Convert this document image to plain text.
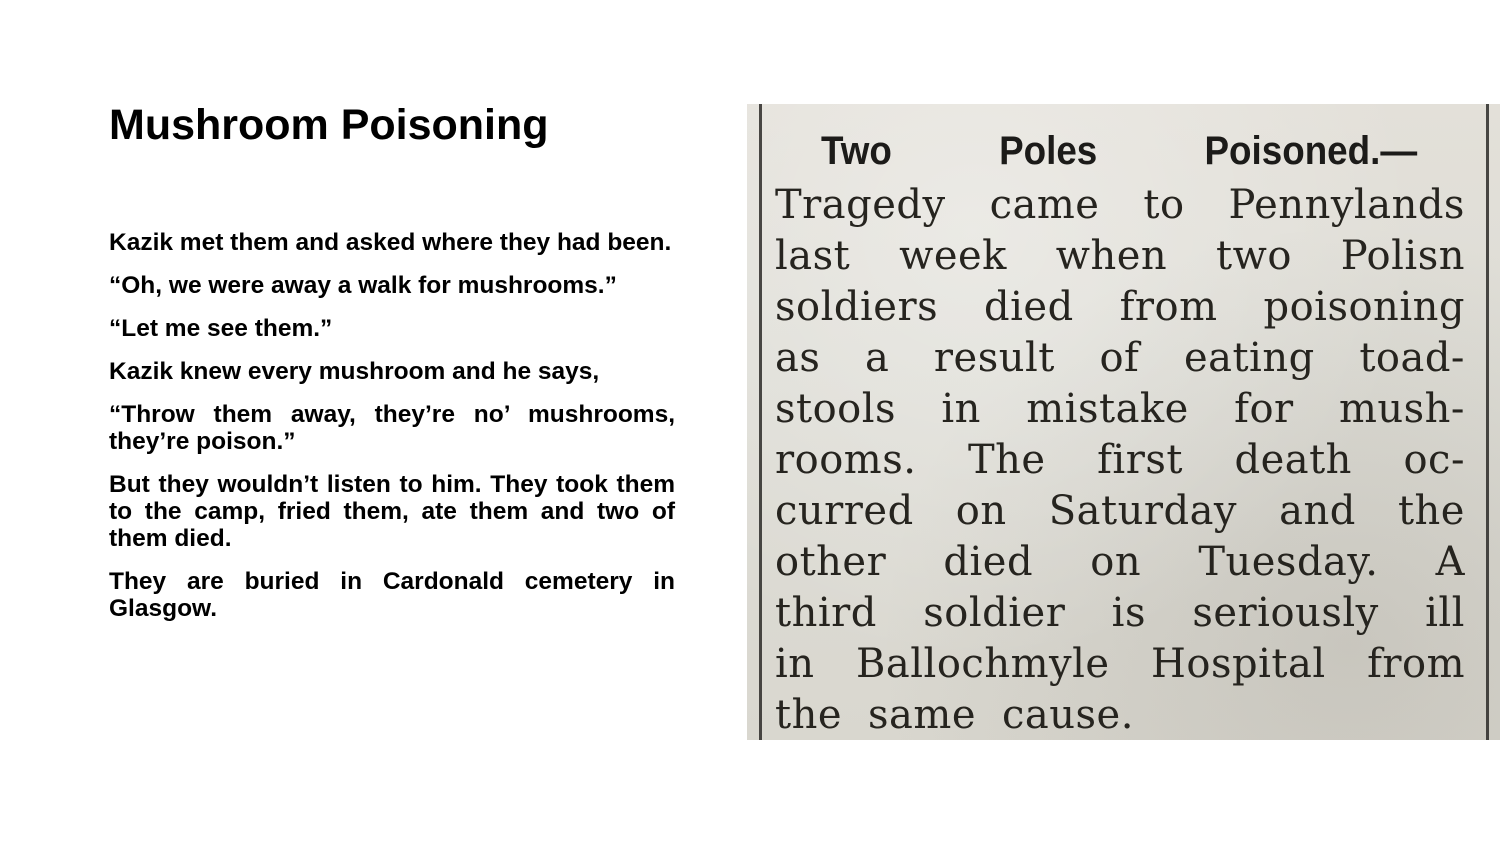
Mushroom Poisoning

Kazik met them and asked where they had been.

“Oh, we were away a walk for mushrooms.”

“Let me see them.”

Kazik knew every mushroom and he says,

“Throw them away, they’re no’ mushrooms, they’re poison.”

But they wouldn’t listen to him. They took them to the camp, fried them, ate them and two of them died.

They are buried in Cardonald cemetery in Glasgow.

Two	Poles	Poisoned.—
Tragedy came to Pennylands
last week when two Polisn
soldiers died from poisoning
as a result of eating toad-
stools in mistake for mush-
rooms. The first death oc-
curred on Saturday and the
other died on Tuesday. A
third soldier is seriously ill
in Ballochmyle Hospital from
the same cause.
